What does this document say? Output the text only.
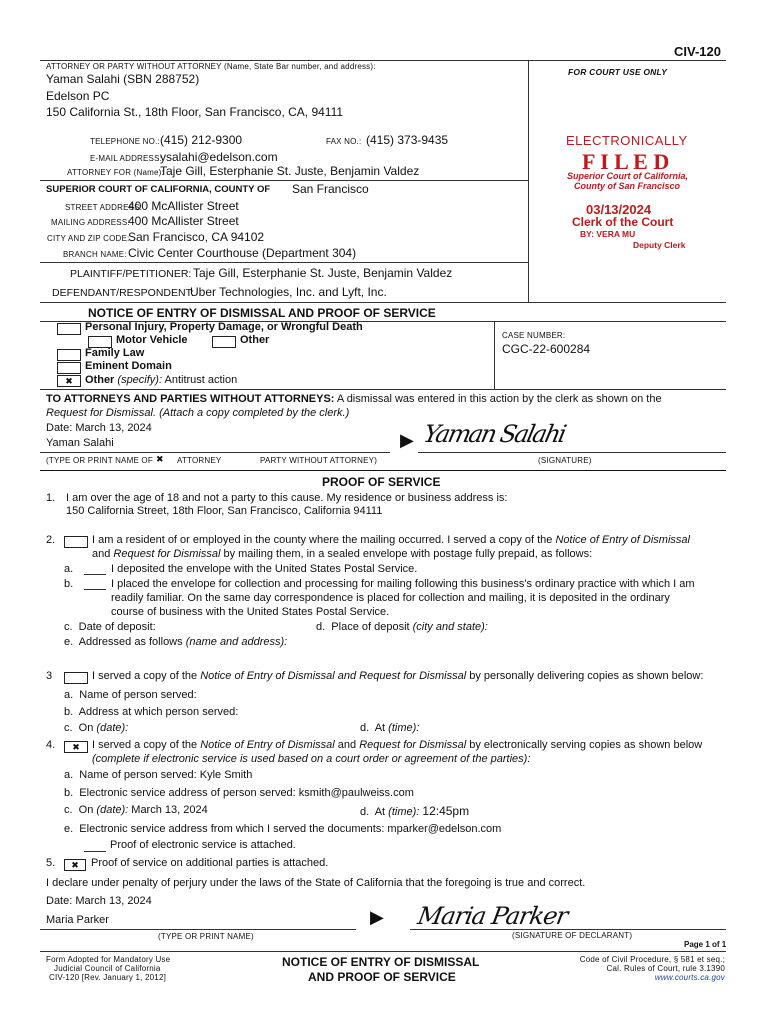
CIV-120
ATTORNEY OR PARTY WITHOUT ATTORNEY (Name, State Bar number, and address):
Yaman Salahi (SBN 288752)
Edelson PC
150 California St., 18th Floor, San Francisco, CA, 94111
TELEPHONE NO.: (415) 212-9300	FAX NO.: (415) 373-9435
E-MAIL ADDRESS:
ysalahi@edelson.com
ATTORNEY FOR (Name):
Taje Gill, Esterphanie St. Juste, Benjamin Valdez
FOR COURT USE ONLY
ELECTRONICALLY
F I L E D
Superior Court of California,
County of San Francisco
03/13/2024
Clerk of the Court
BY: VERA MU
Deputy Clerk
SUPERIOR COURT OF CALIFORNIA, COUNTY OF San Francisco
STREET ADDRESS:
400 McAllister Street
MAILING ADDRESS:
400 McAllister Street
CITY AND ZIP CODE:
San Francisco, CA 94102
BRANCH NAME: Civic Center Courthouse (Department 304)
PLAINTIFF/PETITIONER: Taje Gill, Esterphanie St. Juste, Benjamin Valdez
DEFENDANT/RESPONDENT:
Uber Technologies, Inc. and Lyft, Inc.
NOTICE OF ENTRY OF DISMISSAL AND PROOF OF SERVICE
CASE NUMBER:
CGC-22-600284
Personal Injury, Property Damage, or Wrongful Death
Motor Vehicle	Other
Family Law
Eminent Domain
✖	Other (specify): Antitrust action
TO ATTORNEYS AND PARTIES WITHOUT ATTORNEYS: A dismissal was entered in this action by the clerk as shown on the
Request for Dismissal. (Attach a copy completed by the clerk.)
Date: March 13, 2024
Yaman Salahi
(TYPE OR PRINT NAME OF ✖ ATTORNEY	PARTY WITHOUT ATTORNEY)
▶ Yaman Salahi
(SIGNATURE)
PROOF OF SERVICE
1. I am over the age of 18 and not a party to this cause. My residence or business address is:
150 California Street, 18th Floor, San Francisco, California 94111
2.	I am a resident of or employed in the county where the mailing occurred. I served a copy of the Notice of Entry of Dismissal
and Request for Dismissal by mailing them, in a sealed envelope with postage fully prepaid, as follows:
a.	I deposited the envelope with the United States Postal Service.
b.	I placed the envelope for collection and processing for mailing following this business's ordinary practice with which I am
readily familiar. On the same day correspondence is placed for collection and mailing, it is deposited in the ordinary
course of business with the United States Postal Service.
c.  Date of deposit:	d.  Place of deposit (city and state):
e.  Addressed as follows (name and address):
3	I served a copy of the Notice of Entry of Dismissal and Request for Dismissal by personally delivering copies as shown below:
a.  Name of person served:
b.  Address at which person served:
c.  On (date):	d.  At (time):
4.	✖	I served a copy of the Notice of Entry of Dismissal and Request for Dismissal by electronically serving copies as shown below
(complete if electronic service is used based on a court order or agreement of the parties):
a.  Name of person served: Kyle Smith
b.  Electronic service address of person served: ksmith@paulweiss.com
c.  On (date): March 13, 2024	d.  At (time): 12:45pm
e.  Electronic service address from which I served the documents: mparker@edelson.com
Proof of electronic service is attached.
5.	✖	Proof of service on additional parties is attached.
I declare under penalty of perjury under the laws of the State of California that the foregoing is true and correct.
Date: March 13, 2024
Maria Parker
(TYPE OR PRINT NAME)
▶ Maria Parker
(SIGNATURE OF DECLARANT)
Page 1 of 1
Form Adopted for Mandatory Use
Judicial Council of California
CIV-120 [Rev. January 1, 2012]
NOTICE OF ENTRY OF DISMISSAL
AND PROOF OF SERVICE
Code of Civil Procedure, § 581 et seq.;
Cal. Rules of Court, rule 3.1390
www.courts.ca.gov
